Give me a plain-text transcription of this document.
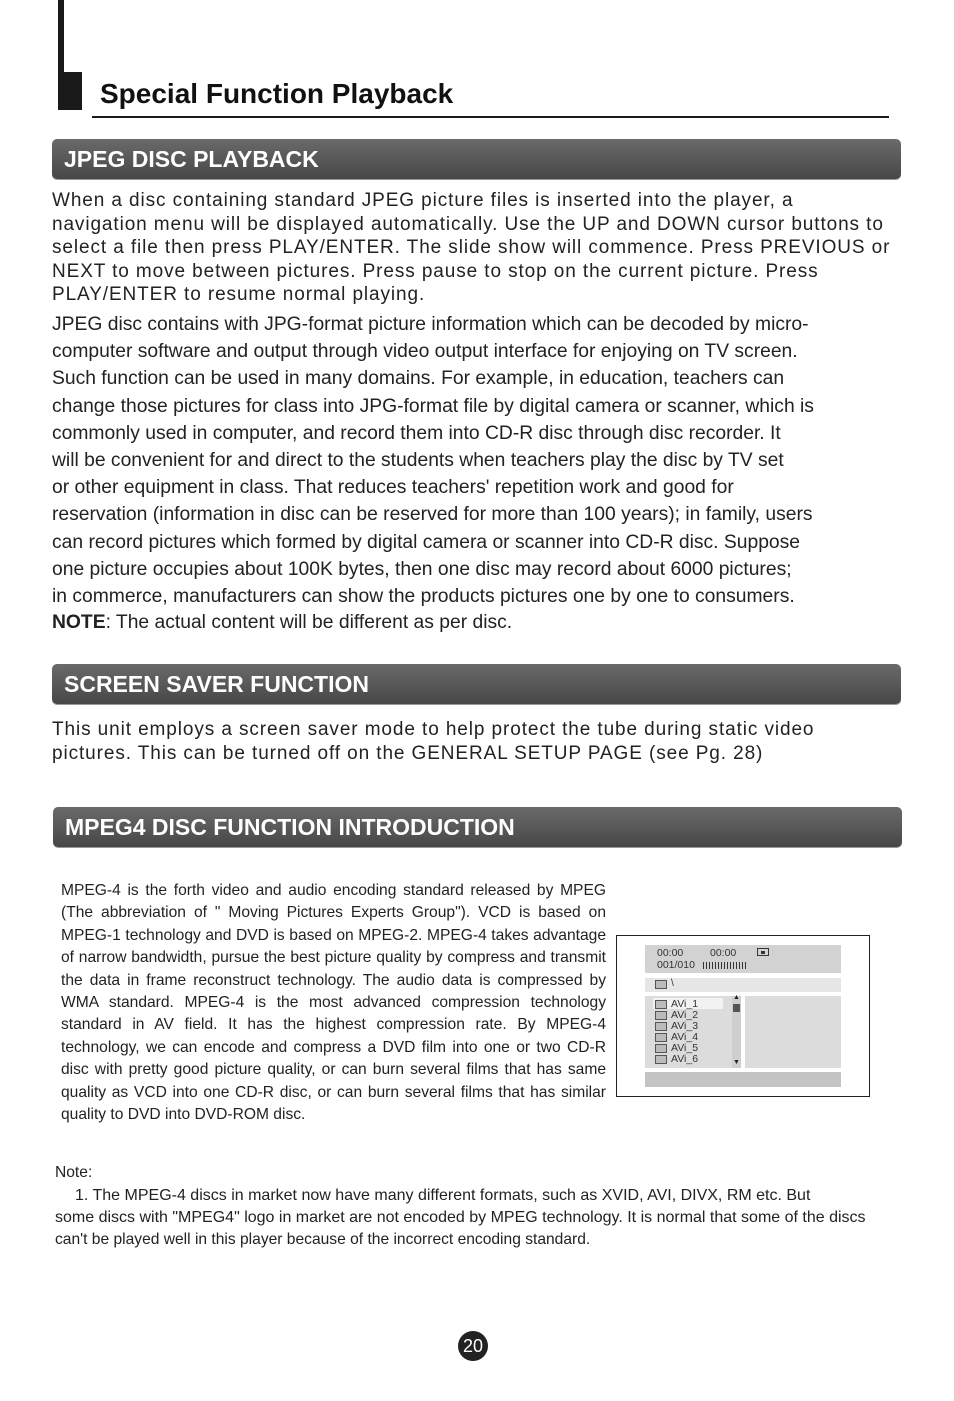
Special Function Playback
JPEG DISC PLAYBACK

When a disc containing standard JPEG picture files is inserted into the player, a navigation menu will be displayed automatically. Use the UP and DOWN cursor buttons to select a file then press PLAY/ENTER. The slide show will commence. Press PREVIOUS or NEXT to move between pictures. Press pause to stop on the current picture. Press PLAY/ENTER to resume normal playing.

JPEG disc contains with JPG-format picture information which can be decoded by micro-
computer software and output through video output interface for enjoying on TV screen.
Such function can be used in many domains. For example, in education, teachers can
change those pictures for class into JPG-format file by digital camera or scanner, which is
commonly used in computer, and record them into CD-R disc through disc recorder. It
will be convenient for and direct to the students when teachers play the disc by TV set
or other equipment in class. That reduces teachers' repetition work and good for
reservation (information in disc can be reserved for more than 100 years); in family, users
can record pictures which formed by digital camera or scanner into CD-R disc. Suppose
one picture occupies about 100K bytes, then one disc may record about 6000 pictures;
in commerce, manufacturers can show the products pictures one by one to consumers.

NOTE: The actual content will be different as per disc.

SCREEN SAVER FUNCTION

This unit employs a screen saver mode to help protect the tube during static video pictures. This can be turned off on the GENERAL SETUP PAGE (see Pg. 28)

MPEG4 DISC FUNCTION INTRODUCTION

MPEG-4 is the forth video and audio encoding standard released by MPEG (The abbreviation of " Moving Pictures Experts Group"). VCD is based on MPEG-1 technology and DVD is based on MPEG-2. MPEG-4 takes advantage of narrow bandwidth, pursue the best picture quality by compress and transmit the data in frame reconstruct technology. The audio data is compressed by WMA standard. MPEG-4 is the most advanced compression technology standard in AV field. It has the highest compression rate. By MPEG-4 technology, we can encode and compress a DVD film into one or two CD-R disc with pretty good picture quality, or can burn several films that has same quality as VCD into one CD-R disc, or can burn several films that has similar quality to DVD into DVD-ROM disc.

00:00	00:00
001/010
\
AVi_1
AVi_2
AVi_3
AVi_4
AVi_5
AVi_6
▲
▼

Note:

1. The MPEG-4 discs in market now have many different formats, such as XVID, AVI, DIVX, RM etc. But

some discs with "MPEG4" logo in market are not encoded by MPEG technology. It is normal that some of the discs

can't be played well in this player because of the incorrect encoding standard.

20
